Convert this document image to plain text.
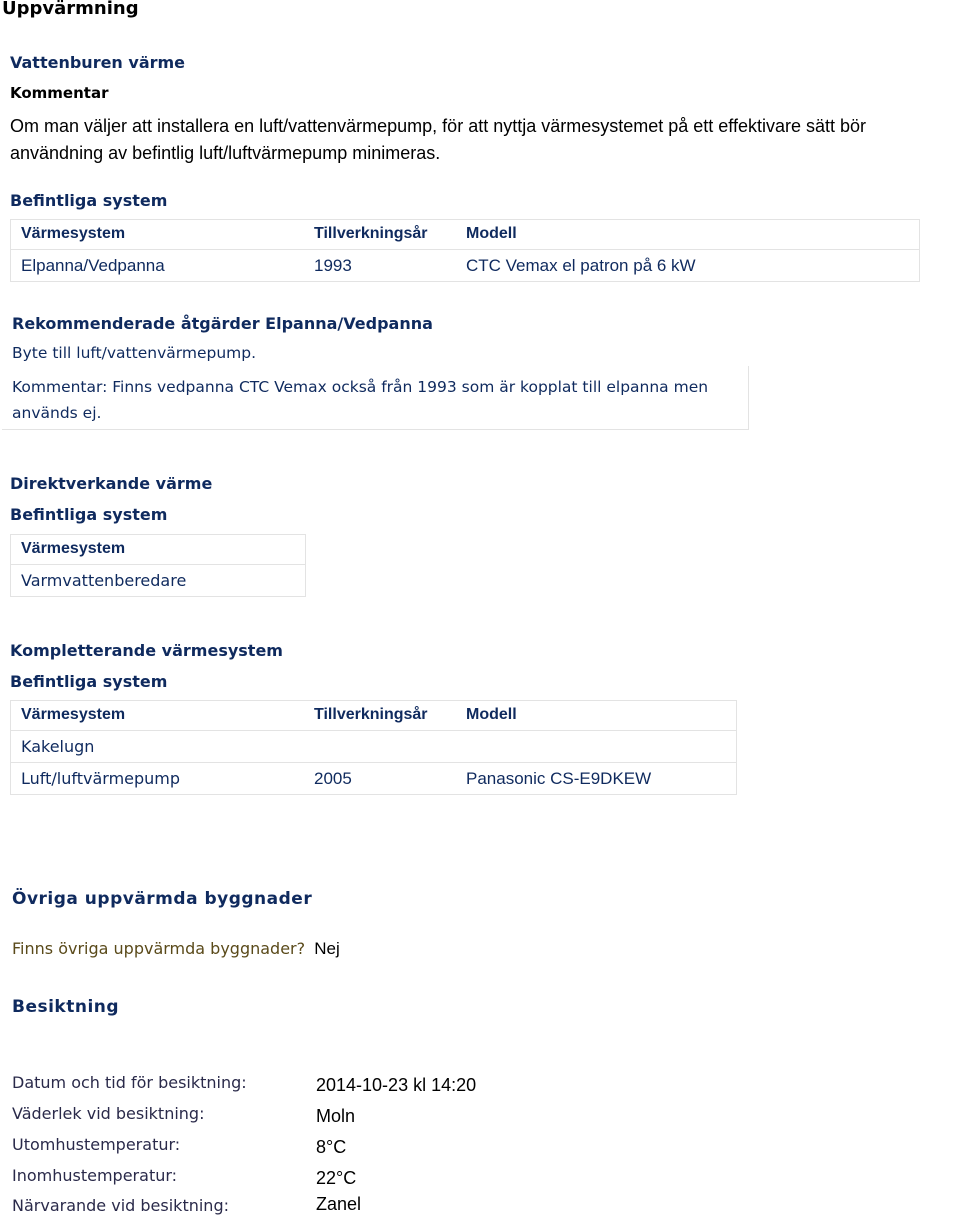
Uppvärmning
Vattenburen värme
Kommentar
Om man väljer att installera en luft/vattenvärmepump, för att nyttja värmesystemet på ett effektivare sätt bör användning av befintlig luft/luftvärmepump minimeras.
Befintliga system
Värmesystem	Tillverkningsår Modell
Elpanna/Vedpanna	1993	CTC Vemax el patron på 6 kW
Rekommenderade åtgärder Elpanna/Vedpanna
Byte till luft/vattenvärmepump.
Kommentar: Finns vedpanna CTC Vemax också från 1993 som är kopplat till elpanna men används ej.
Direktverkande värme
Befintliga system
Värmesystem
Varmvattenberedare
Kompletterande värmesystem
Befintliga system
Värmesystem	Tillverkningsår Modell
Kakelugn
Luft/luftvärmepump	2005	Panasonic CS-E9DKEW
Övriga uppvärmda byggnader
Finns övriga uppvärmda byggnader? Nej
Besiktning
Datum och tid för besiktning:	2014-10-23 kl 14:20
Väderlek vid besiktning:	Moln
Utomhustemperatur:	8°C
Inomhustemperatur:	22°C
Närvarande vid besiktning:	Zanel
